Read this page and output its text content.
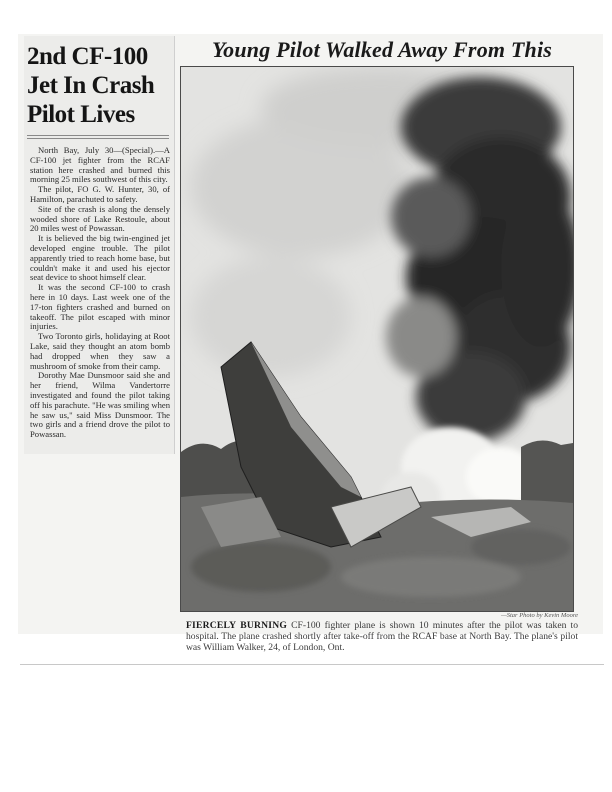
2nd CF-100
Jet In Crash
Pilot Lives

North Bay, July 30—(Special).—A CF-100 jet fighter from the RCAF station here crashed and burned this morning 25 miles southwest of this city.

The pilot, FO G. W. Hunter, 30, of Hamilton, parachuted to safety.

Site of the crash is along the densely wooded shore of Lake Restoule, about 20 miles west of Powassan.

It is believed the big twin-engined jet developed engine trouble. The pilot apparently tried to reach home base, but couldn't make it and used his ejector seat device to shoot himself clear.

It was the second CF-100 to crash here in 10 days. Last week one of the 17-ton fighters crashed and burned on takeoff. The pilot escaped with minor injuries.

Two Toronto girls, holidaying at Root Lake, said they thought an atom bomb had dropped when they saw a mushroom of smoke from their camp.

Dorothy Mae Dunsmoor said she and her friend, Wilma Vandertorre investigated and found the pilot taking off his parachute. "He was smiling when he saw us," said Miss Dunsmoor. The two girls and a friend drove the pilot to Powassan.

Young Pilot Walked Away From This
—Star Photo by Kevin Moore
FIERCELY BURNING CF-100 fighter plane is shown 10 minutes after the pilot was taken to hospital. The plane crashed shortly after take-off from the RCAF base at North Bay. The plane's pilot was William Walker, 24, of London, Ont.
